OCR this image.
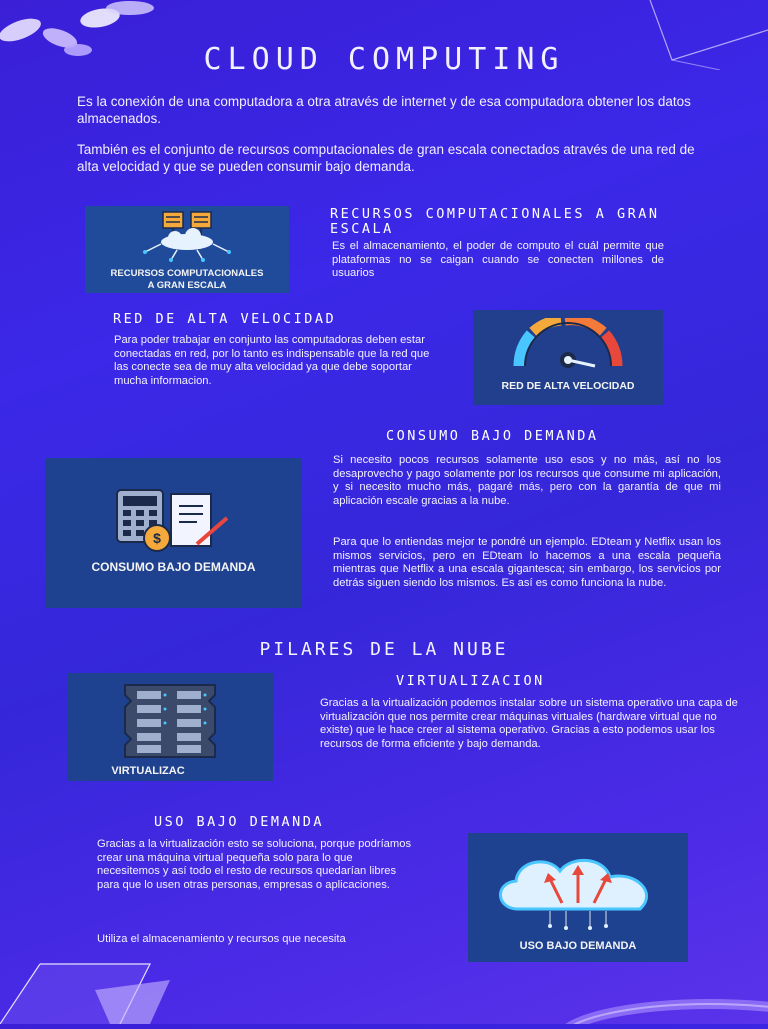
CLOUD COMPUTING
Es la conexión de una computadora a otra através de internet y de esa computadora obtener los datos almacenados.
También es el conjunto de recursos computacionales de gran escala conectados através de una red de alta velocidad y que se pueden consumir bajo demanda.
RECURSOS COMPUTACIONALES
A GRAN ESCALA
RECURSOS COMPUTACIONALES A GRAN ESCALA
Es el almacenamiento, el poder de computo el cuál permite que plataformas no se caigan cuando se conecten millones de usuarios
RED DE ALTA VELOCIDAD
Para poder trabajar en conjunto las computadoras deben estar conectadas en red, por lo tanto es indispensable que la red que las conecte sea de muy alta velocidad ya que debe soportar mucha informacion.	RED DE ALTA VELOCIDAD
CONSUMO BAJO DEMANDA
$
CONSUMO BAJO DEMANDA
Si necesito pocos recursos solamente uso esos y no más, así no los desaprovecho y pago solamente por los recursos que consume mi aplicación, y si necesito mucho más, pagaré más, pero con la garantía de que mi aplicación escale gracias a la nube.
Para que lo entiendas mejor te pondré un ejemplo. EDteam y Netflix usan los mismos servicios, pero en EDteam lo hacemos a una escala pequeña mientras que Netflix a una escala gigantesca; sin embargo, los servicios por detrás siguen siendo los mismos. Es así es como funciona la nube.
PILARES DE LA NUBE
VIRTUALIZAC
VIRTUALIZACION
Gracias a la virtualización podemos instalar sobre un sistema operativo una capa de virtualización que nos permite crear máquinas virtuales (hardware virtual que no existe) que le hace creer al sistema operativo. Gracias a esto podemos usar los recursos de forma eficiente y bajo demanda.
USO BAJO DEMANDA
Gracias a la virtualización esto se soluciona, porque podríamos crear una máquina virtual pequeña solo para lo que necesitemos y así todo el resto de recursos quedarían libres para que lo usen otras personas, empresas o aplicaciones.
Utiliza el almacenamiento y recursos que necesita
USO BAJO DEMANDA
